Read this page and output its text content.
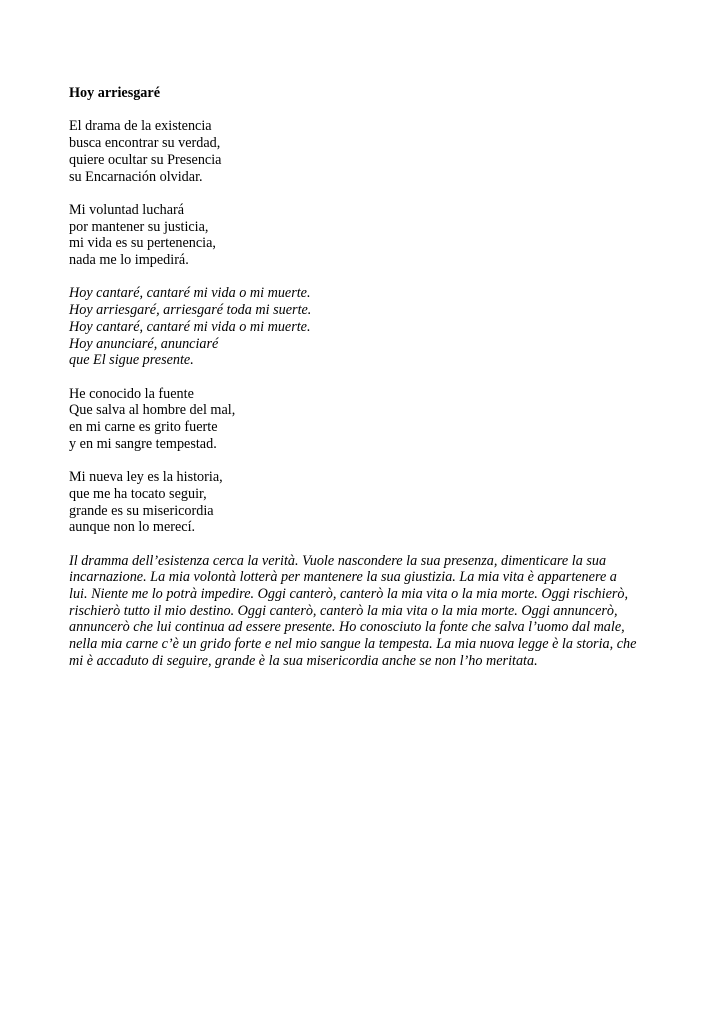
Hoy arriesgaré
El drama de la existencia
busca encontrar su verdad,
quiere ocultar su Presencia
su Encarnación olvidar.
Mi voluntad luchará
por mantener su justicia,
mi vida es su pertenencia,
nada me lo impedirá.
Hoy cantaré, cantaré mi vida o mi muerte.
Hoy arriesgaré, arriesgaré toda mi suerte.
Hoy cantaré, cantaré mi vida o mi muerte.
Hoy anunciaré, anunciaré
que El sigue presente.
He conocido la fuente
Que salva al hombre del mal,
en mi carne es grito fuerte
y en mi sangre tempestad.
Mi nueva ley es la historia,
que me ha tocato seguir,
grande es su misericordia
aunque non lo merecí.
Il dramma dell’esistenza cerca la verità. Vuole nascondere la sua presenza, dimenticare la sua
incarnazione. La mia volontà lotterà per mantenere la sua giustizia. La mia vita è appartenere a
lui. Niente me lo potrà impedire. Oggi canterò, canterò la mia vita o la mia morte. Oggi rischierò,
rischierò tutto il mio destino. Oggi canterò, canterò la mia vita o la mia morte. Oggi annuncerò,
annuncerò che lui continua ad essere presente. Ho conosciuto la fonte che salva l’uomo dal male,
nella mia carne c’è un grido forte e nel mio sangue la tempesta. La mia nuova legge è la storia, che
mi è accaduto di seguire, grande è la sua misericordia anche se non l’ho meritata.
